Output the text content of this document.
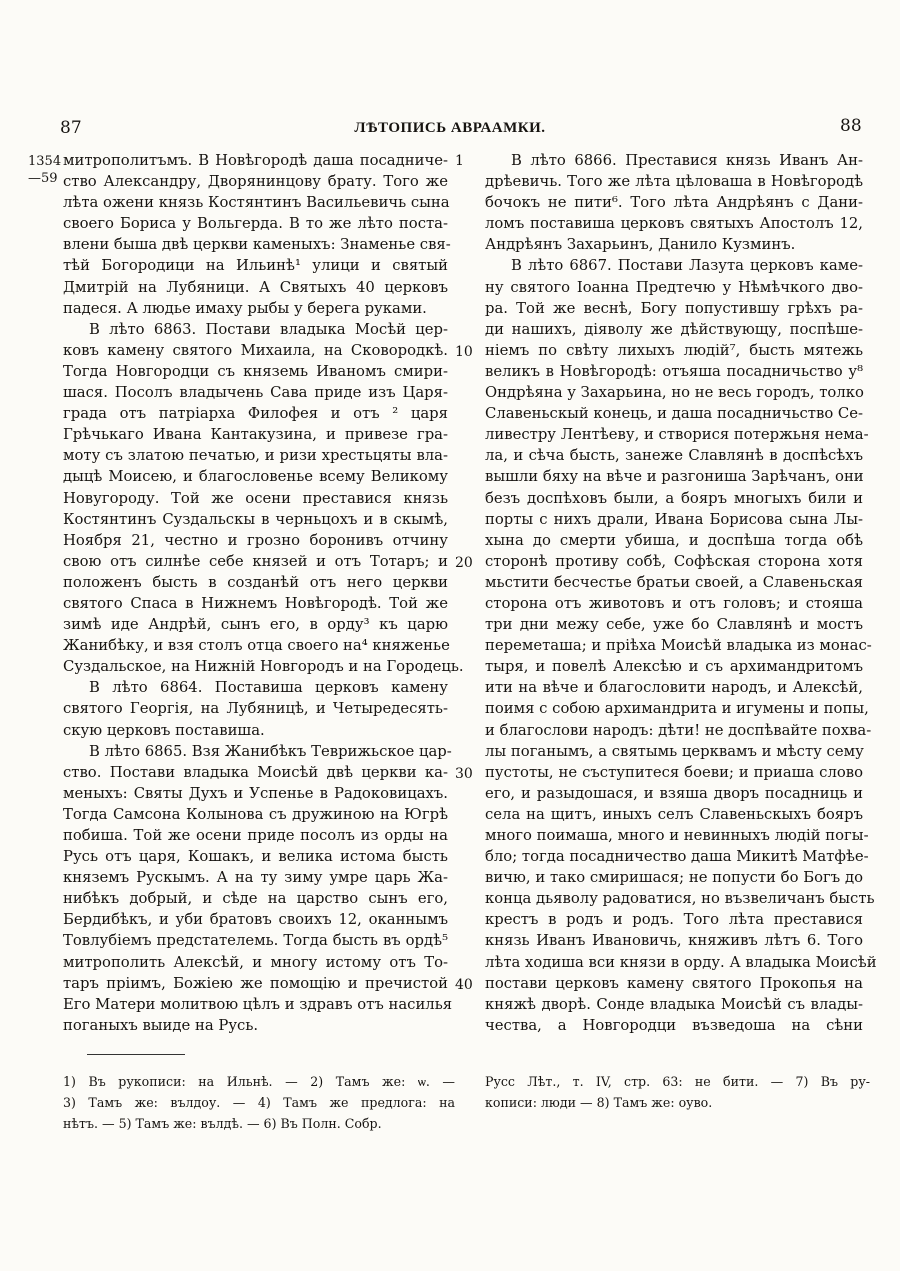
87	ЛѢТОПИСЬ АВРААМКИ.	88
1354
—59
1
10
20
30
40
митрополитъмъ. В Новѣгородѣ даша посадниче-
ство Александру, Дворянинцову брату. Того же
лѣта ожени князь Костянтинъ Васильевичь сына
своего Бориса у Вольгерда. В то же лѣто поста-
влени быша двѣ церкви каменыхъ: Знаменье свя-
тѣй Богородици на Ильинѣ¹ улици и святый
Дмитрій на Лубяници. А Святыхъ 40 церковъ
падеся. А людье имаху рыбы у берега руками.
В лѣто 6863. Постави владыка Мосѣй цер-
ковъ камену святого Михаила, на Сковородкѣ.
Тогда Новгородци съ княземь Иваномъ смири-
шася. Посолъ владычень Сава приде изъ Царя-
града отъ патріарха Филофея и отъ ² царя
Грѣчькаго Ивана Кантакузина, и привезе гра-
моту съ златою печатью, и ризи хрестьцяты вла-
дыцѣ Моисею, и благословенье всему Великому
Новугороду. Той же осени преставися князь
Костянтинъ Суздальскы в черньцохъ и в скымѣ,
Ноября 21, честно и грозно боронивъ отчину
свою отъ силнѣе себе князей и отъ Тотаръ; и
положенъ бысть в созданѣй отъ него церкви
святого Спаса в Нижнемъ Новѣгородѣ. Той же
зимѣ иде Андрѣй, сынъ его, в орду³ къ царю
Жанибѣку, и взя столъ отца своего на⁴ княженье
Суздальское, на Нижнiй Новгородъ и на Городець.
В лѣто 6864. Поставиша церковъ камену
святого Георгія, на Лубяницѣ, и Четыредесять-
скую церковъ поставиша.
В лѣто 6865. Взя Жанибѣкъ Теврижьское цар-
ство. Постави владыка Моисѣй двѣ церкви ка-
меныхъ: Святы Духъ и Успенье в Радоковицахъ.
Тогда Самсона Колынова съ дружиною на Югрѣ
побиша. Той же осени приде посолъ из орды на
Русь отъ царя, Кошакъ, и велика истома бысть
княземъ Рускымъ. А на ту зиму умре царь Жа-
нибѣкъ добрый, и сѣде на царство сынъ его,
Бердибѣкъ, и уби братовъ своихъ 12, оканнымъ
Товлубіемъ предстателемь. Тогда бысть въ ордѣ⁵
митрополить Алексѣй, и многу истому отъ То-
таръ пріимъ, Божіею же помощію и пречистой
Его Матери молитвою цѣлъ и здравъ отъ насилья
поганыхъ выиде на Русь.
В лѣто 6866. Преставися князь Иванъ Ан-
дрѣевичь. Того же лѣта цѣловаша в Новѣгородѣ
бочокъ не пити⁶. Того лѣта Андрѣянъ с Дани-
ломъ поставиша церковъ святыхъ Апостолъ 12,
Андрѣянъ Захарьинъ, Данило Кузминъ.
В лѣто 6867. Постави Лазута церковъ камe-
ну святого Іоанна Предтечю у Нѣмѣчкого дво-
ра. Той же веснѣ, Богу попустившу грѣхъ ра-
ди нашихъ, діяволу же дѣйствующу, поспѣше-
ніемъ по свѣту лихыхъ людій⁷, бысть мятежь
великъ в Новѣгородѣ: отъяша посадничьство у⁸
Ондрѣяна у Захарьина, но не весь городъ, толко
Славеньскый конець, и даша посадничьство Се-
ливестру Лентѣеву, и створися потержьня нема-
ла, и сѣча бысть, занеже Славлянѣ в доспѣсѣхъ
вышли бяху на вѣче и разгониша Зарѣчанъ, они
безъ доспѣховъ были, а бояръ многыхъ били и
порты с нихъ драли, Ивана Борисова сына Лы-
хына до смерти убиша, и доспѣша тогда обѣ
сторонѣ противу собѣ, Софѣская сторона хотя
мьстити бесчестье братьи своей, а Славеньская
сторона отъ животовъ и отъ головъ; и стояша
три дни межу себе, уже бо Славлянѣ и мостъ
переметаша; и пріѣха Моисѣй владыка из монас-
тыря, и повелѣ Алексѣю и съ архимандритомъ
ити на вѣче и благословити народъ, и Алексѣй,
поимя с собою архимандрита и игумены и попы,
и благослови народъ: дѣти! не доспѣвайте похва-
лы поганымъ, а святымь церквамъ и мѣсту сему
пустоты, не съступитеся боеви; и приаша слово
его, и разыдошася, и взяша дворъ посадниць и
села на щитъ, иныхъ селъ Славеньскыхъ бояръ
много поимаша, много и невинныхъ людій погы-
бло; тогда посадничество даша Микитѣ Матфѣе-
вичю, и тако смиришася; не попусти бо Богъ до
конца дьяволу радоватися, но възвеличанъ бысть
крестъ в родъ и родъ. Того лѣта преставися
князь Иванъ Ивановичь, княживъ лѣтъ 6. Того
лѣта ходиша вси князи в орду. А владыка Моисѣй
постави церковъ камену святого Прокопья на
княжѣ дворѣ. Сонде владыка Моисѣй съ влады-
чества, а Новгородци възведоша на сѣни
1) Въ рукописи: на Ильнѣ. — 2) Тамъ же: ѡ. —
3) Тамъ же: вълдоу. — 4) Тамъ же предлога: на
нѣтъ. — 5) Тамъ же: вълдѣ. — 6) Въ Полн. Собр.
Русс Лѣт., т. IV, стр. 63: не бити. — 7) Въ ру-
кописи: люди — 8) Тамъ же: оуво.
